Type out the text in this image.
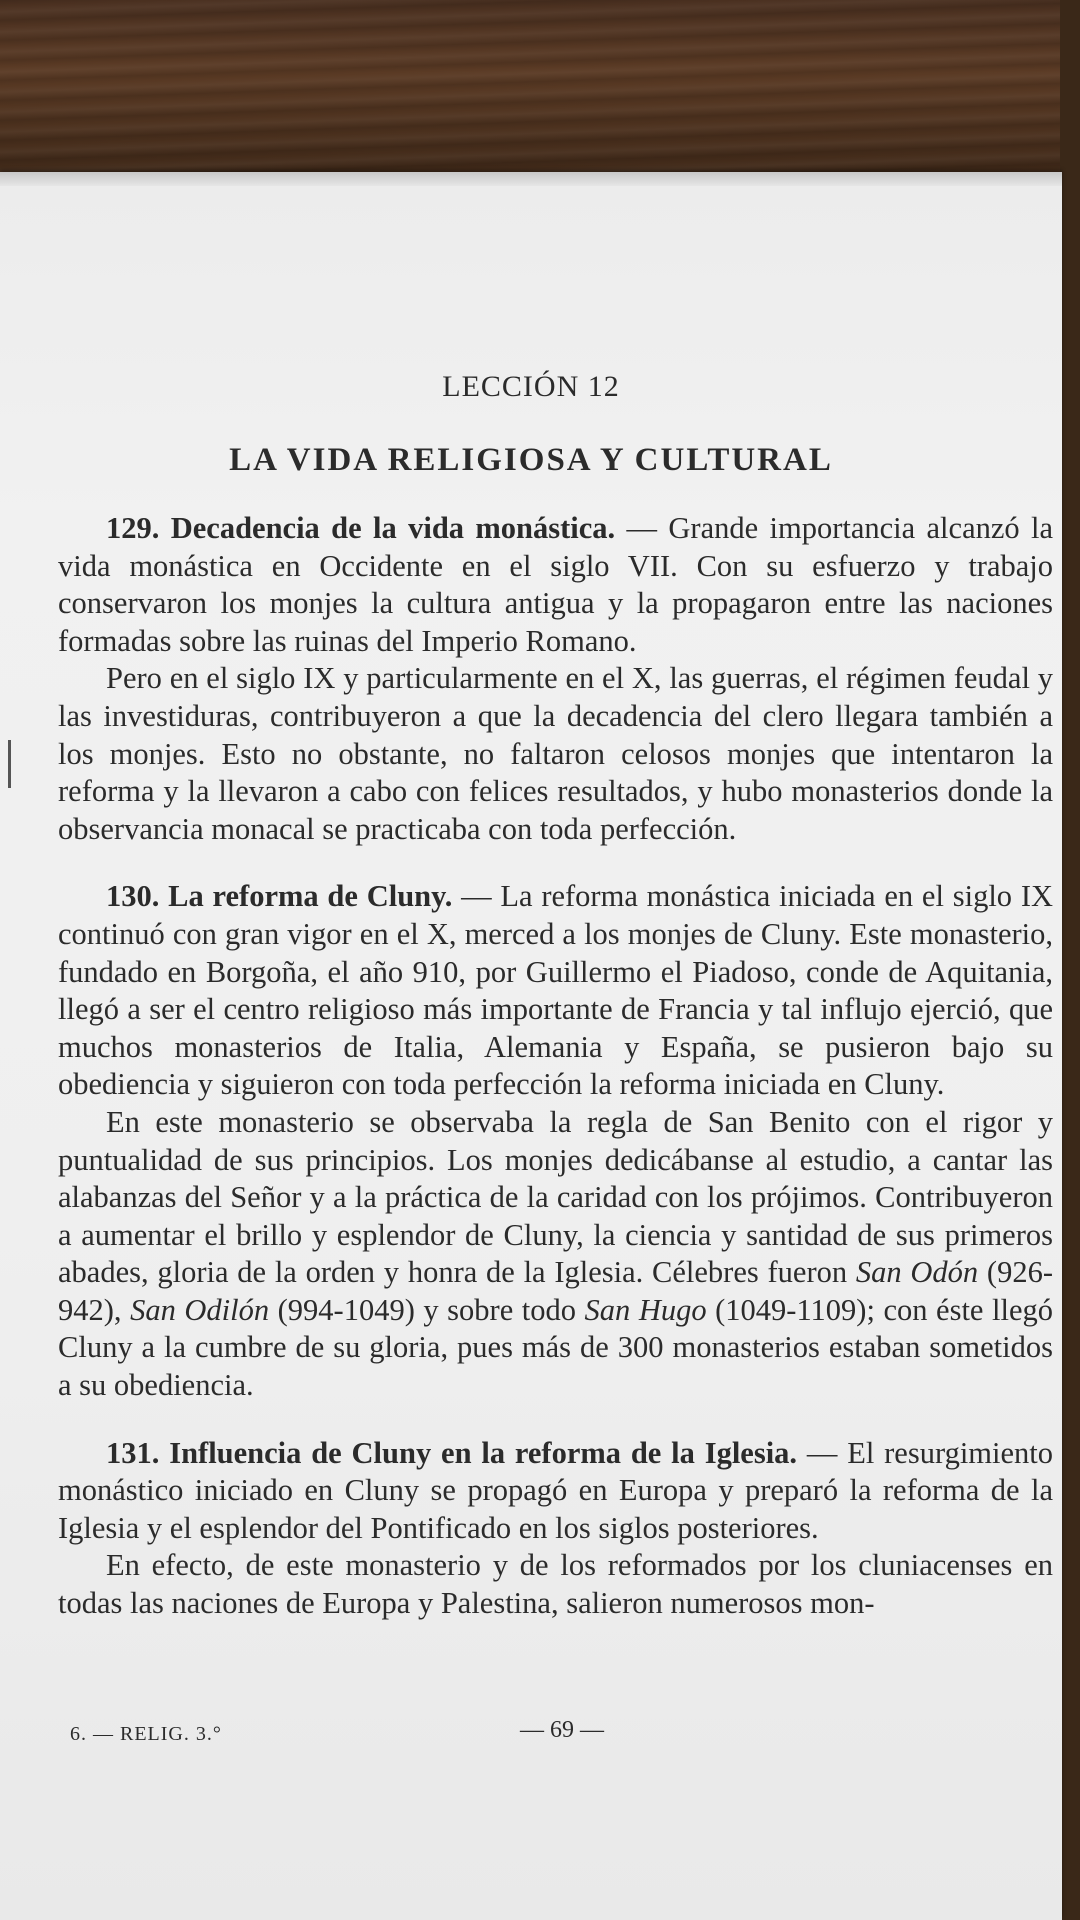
LECCIÓN 12
LA VIDA RELIGIOSA Y CULTURAL

129. Decadencia de la vida monástica. — Grande importancia alcanzó la vida monástica en Occidente en el siglo VII. Con su esfuerzo y trabajo conservaron los monjes la cultura antigua y la propagaron entre las naciones formadas sobre las ruinas del Imperio Romano.

Pero en el siglo IX y particularmente en el X, las guerras, el régimen feudal y las investiduras, contribuyeron a que la decadencia del clero llegara también a los monjes. Esto no obstante, no faltaron celosos monjes que intentaron la reforma y la llevaron a cabo con felices resultados, y hubo monasterios donde la observancia monacal se practicaba con toda perfección.

130. La reforma de Cluny. — La reforma monástica iniciada en el siglo IX continuó con gran vigor en el X, merced a los monjes de Cluny. Este monasterio, fundado en Borgoña, el año 910, por Guillermo el Piadoso, conde de Aquitania, llegó a ser el centro religioso más importante de Francia y tal influjo ejerció, que muchos monasterios de Italia, Alemania y España, se pusieron bajo su obediencia y siguieron con toda perfección la reforma iniciada en Cluny.

En este monasterio se observaba la regla de San Benito con el rigor y puntualidad de sus principios. Los monjes dedicábanse al estudio, a cantar las alabanzas del Señor y a la práctica de la caridad con los prójimos. Contribuyeron a aumentar el brillo y esplendor de Cluny, la ciencia y santidad de sus primeros abades, gloria de la orden y honra de la Iglesia. Célebres fueron San Odón (926-942), San Odilón (994-1049) y sobre todo San Hugo (1049-1109); con éste llegó Cluny a la cumbre de su gloria, pues más de 300 monasterios estaban sometidos a su obediencia.

131. Influencia de Cluny en la reforma de la Iglesia. — El resurgimiento monástico iniciado en Cluny se propagó en Europa y preparó la reforma de la Iglesia y el esplendor del Pontificado en los siglos posteriores.

En efecto, de este monasterio y de los reformados por los cluniacenses en todas las naciones de Europa y Palestina, salieron numerosos mon-

6. — RELIG. 3.°	— 69 —
